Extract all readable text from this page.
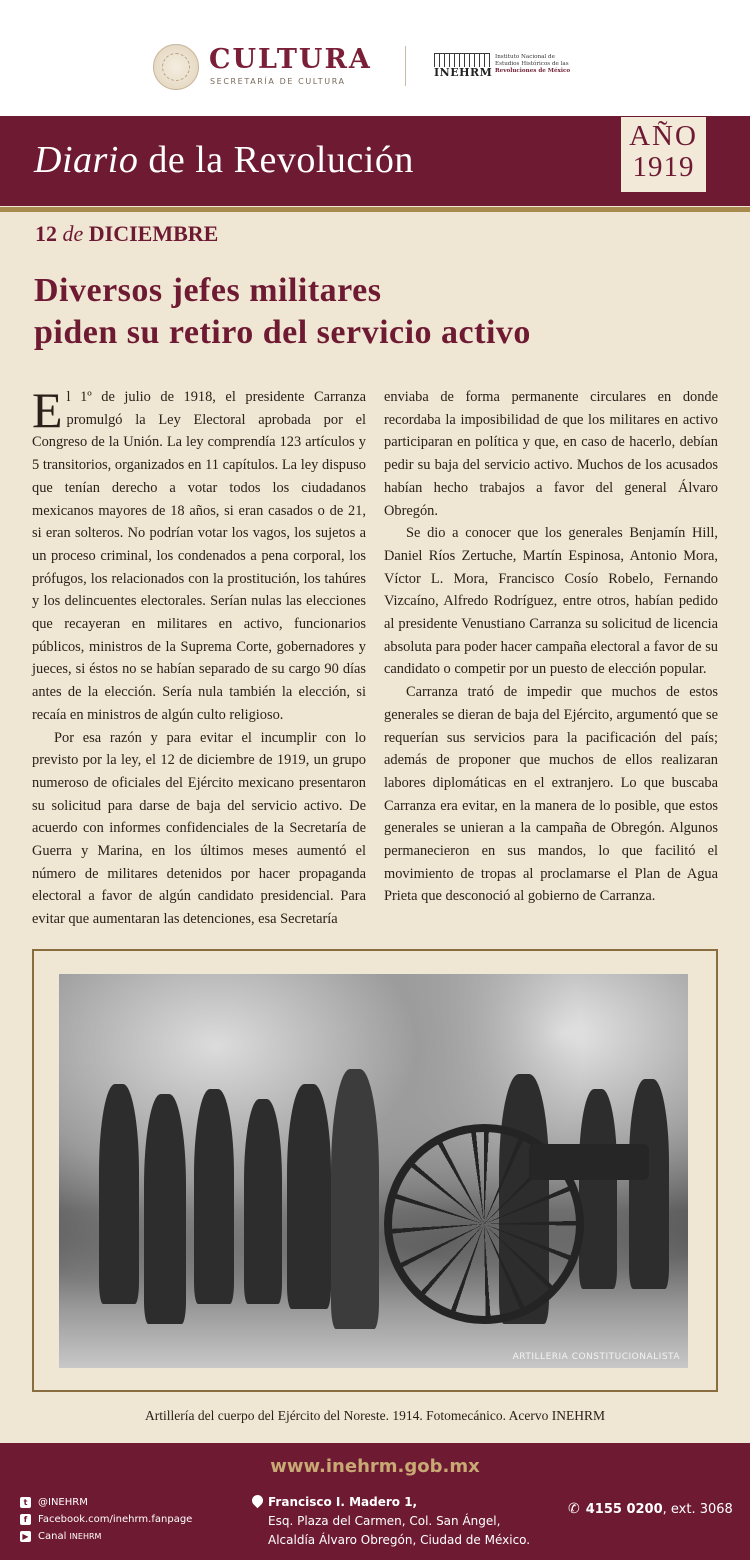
CULTURA
SECRETARÍA DE CULTURA
INEHRM
Instituto Nacional de
Estudios Históricos de las
Revoluciones de México
Diario de la Revolución
AÑO
1919
12 de DICIEMBRE
Diversos jefes militares
piden su retiro del servicio activo

El 1º de julio de 1918, el presidente Carranza promulgó la Ley Electoral aprobada por el Congreso de la Unión. La ley comprendía 123 artículos y 5 transitorios, organizados en 11 capítulos. La ley dispuso que tenían derecho a votar todos los ciudadanos mexicanos mayores de 18 años, si eran casados o de 21, si eran solteros. No podrían votar los vagos, los sujetos a un proceso criminal, los condenados a pena corporal, los prófugos, los relacionados con la prostitución, los tahúres y los delincuentes electorales. Serían nulas las elecciones que recayeran en militares en activo, funcionarios públicos, ministros de la Suprema Corte, gobernadores y jueces, si éstos no se habían separado de su cargo 90 días antes de la elección. Sería nula también la elección, si recaía en ministros de algún culto religioso.

Por esa razón y para evitar el incumplir con lo previsto por la ley, el 12 de diciembre de 1919, un grupo numeroso de oficiales del Ejército mexicano presentaron su solicitud para darse de baja del servicio activo. De acuerdo con informes confidenciales de la Secretaría de Guerra y Marina, en los últimos meses aumentó el número de militares detenidos por hacer propaganda electoral a favor de algún candidato presidencial. Para evitar que aumentaran las detenciones, esa Secretaría

enviaba de forma permanente circulares en donde recordaba la imposibilidad de que los militares en activo participaran en política y que, en caso de hacerlo, debían pedir su baja del servicio activo. Muchos de los acusados habían hecho trabajos a favor del general Álvaro Obregón.

Se dio a conocer que los generales Benjamín Hill, Daniel Ríos Zertuche, Martín Espinosa, Antonio Mora, Víctor L. Mora, Francisco Cosío Robelo, Fernando Vizcaíno, Alfredo Rodríguez, entre otros, habían pedido al presidente Venustiano Carranza su solicitud de licencia absoluta para poder hacer campaña electoral a favor de su candidato o competir por un puesto de elección popular.

Carranza trató de impedir que muchos de estos generales se dieran de baja del Ejército, argumentó que se requerían sus servicios para la pacificación del país; además de proponer que muchos de ellos realizaran labores diplomáticas en el extranjero. Lo que buscaba Carranza era evitar, en la manera de lo posible, que estos generales se unieran a la campaña de Obregón. Algunos permanecieron en sus mandos, lo que facilitó el movimiento de tropas al proclamarse el Plan de Agua Prieta que desconoció al gobierno de Carranza.

ARTILLERIA CONSTITUCIONALISTA
Artillería del cuerpo del Ejército del Noreste. 1914. Fotomecánico. Acervo INEHRM
www.inehrm.gob.mx
t	@INEHRM
f	Facebook.com/inehrm.fanpage
▶ Canal
INEHRM
Francisco I. Madero 1,
Esq. Plaza del Carmen, Col. San Ángel,
Alcaldía Álvaro Obregón, Ciudad de México.
✆ 4155 0200, ext. 3068
